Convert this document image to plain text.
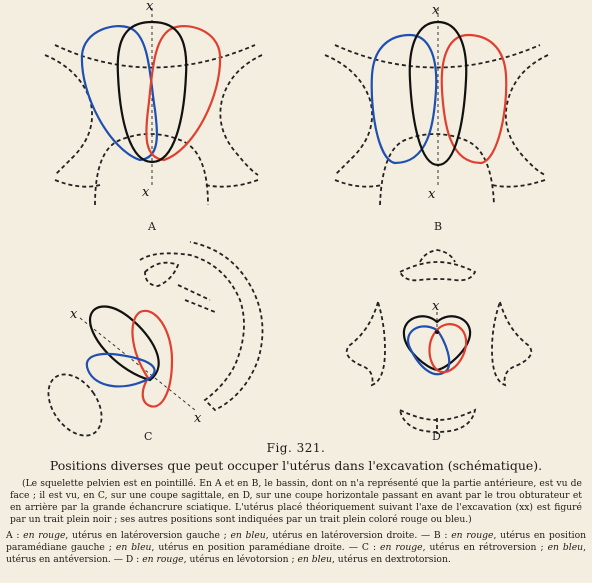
x
x
A
x
x
B
x
x
C
x
D
Fig. 321.
Positions diverses que peut occuper l'utérus dans l'excavation (schématique).
(Le squelette pelvien est en pointillé. En A et en B, le bassin, dont on n'a représenté que la partie antérieure, est vu de face ; il est vu, en C, sur une coupe sagittale, en D, sur une coupe horizontale passant en avant par le trou obturateur et en arrière par la grande échancrure sciatique. L'utérus placé théoriquement suivant l'axe de l'excavation (xx) est figuré par un trait plein noir ; ses autres positions sont indiquées par un trait plein coloré rouge ou bleu.)
A : en rouge, utérus en latéroversion gauche ; en bleu, utérus en latéroversion droite. — B : en rouge, utérus en position paramédiane gauche ; en bleu, utérus en position paramédiane droite. — C : en rouge, utérus en rétroversion ; en bleu, utérus en antéversion. — D : en rouge, utérus en lévotorsion ; en bleu, utérus en dextrotorsion.
